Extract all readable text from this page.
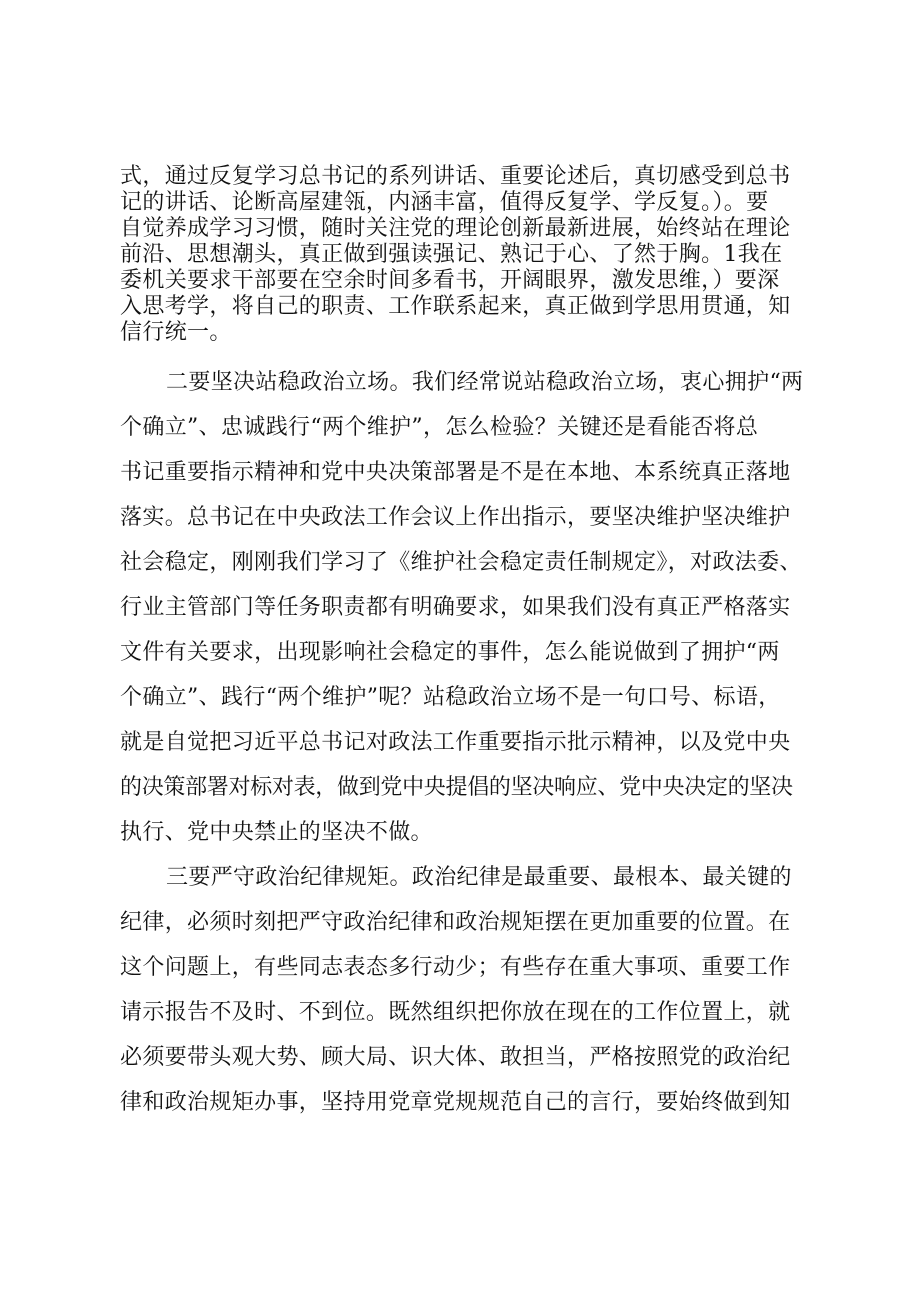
式，通过反复学习总书记的系列讲话、重要论述后，真切感受到总书
记的讲话、论断高屋建瓴，内涵丰富，值得反复学、学反复。）。要
自觉养成学习习惯，随时关注党的理论创新最新进展，始终站在理论
前沿、思想潮头，真正做到强读强记、熟记于心、了然于胸。1我在
委机关要求干部要在空余时间多看书，开阔眼界，激发思维，）要深
入思考学，将自己的职责、工作联系起来，真正做到学思用贯通，知
信行统一。
二要坚决站稳政治立场。我们经常说站稳政治立场，衷心拥护“两
个确立”、忠诚践行“两个维护”，怎么检验？关键还是看能否将总
书记重要指示精神和党中央决策部署是不是在本地、本系统真正落地
落实。总书记在中央政法工作会议上作出指示，要坚决维护坚决维护
社会稳定，刚刚我们学习了《维护社会稳定责任制规定》，对政法委、
行业主管部门等任务职责都有明确要求，如果我们没有真正严格落实
文件有关要求，出现影响社会稳定的事件，怎么能说做到了拥护“两
个确立”、践行“两个维护”呢？站稳政治立场不是一句口号、标语，
就是自觉把习近平总书记对政法工作重要指示批示精神，以及党中央
的决策部署对标对表，做到党中央提倡的坚决响应、党中央决定的坚决
执行、党中央禁止的坚决不做。
三要严守政治纪律规矩。政治纪律是最重要、最根本、最关键的
纪律，必须时刻把严守政治纪律和政治规矩摆在更加重要的位置。在
这个问题上，有些同志表态多行动少；有些存在重大事项、重要工作
请示报告不及时、不到位。既然组织把你放在现在的工作位置上，就
必须要带头观大势、顾大局、识大体、敢担当，严格按照党的政治纪
律和政治规矩办事，坚持用党章党规规范自己的言行，要始终做到知
